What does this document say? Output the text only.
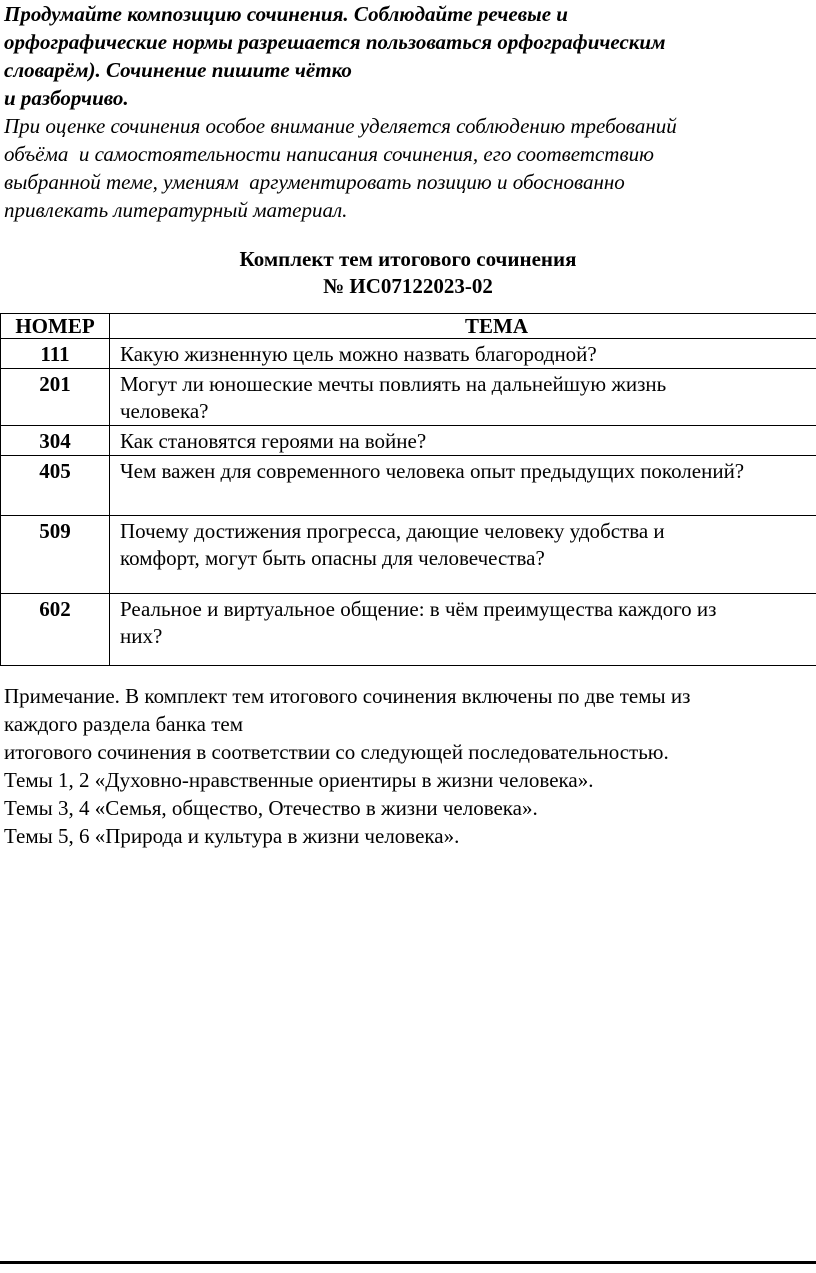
Продумайте композицию сочинения. Соблюдайте речевые и
орфографические нормы разрешается пользоваться орфографическим
словарём). Сочинение пишите чётко
и разборчиво.
При оценке сочинения особое внимание уделяется соблюдению требований
объёма  и самостоятельности написания сочинения, его соответствию
выбранной теме, умениям  аргументировать позицию и обоснованно
привлекать литературный материал.
Комплект тем итогового сочинения
№ ИС07122023-02
НОМЕР	ТЕМА
111	Какую жизненную цель можно назвать благородной?
201	Могут ли юношеские мечты повлиять на дальнейшую жизнь
человека?
304	Как становятся героями на войне?
405	Чем важен для современного человека опыт предыдущих поколений?
509	Почему достижения прогресса, дающие человеку удобства и
комфорт, могут быть опасны для человечества?
602	Реальное и виртуальное общение: в чём преимущества каждого из
них?
Примечание. В комплект тем итогового сочинения включены по две темы из
каждого раздела банка тем
итогового сочинения в соответствии со следующей последовательностью.
Темы 1, 2 «Духовно-нравственные ориентиры в жизни человека».
Темы 3, 4 «Семья, общество, Отечество в жизни человека».
Темы 5, 6 «Природа и культура в жизни человека».
